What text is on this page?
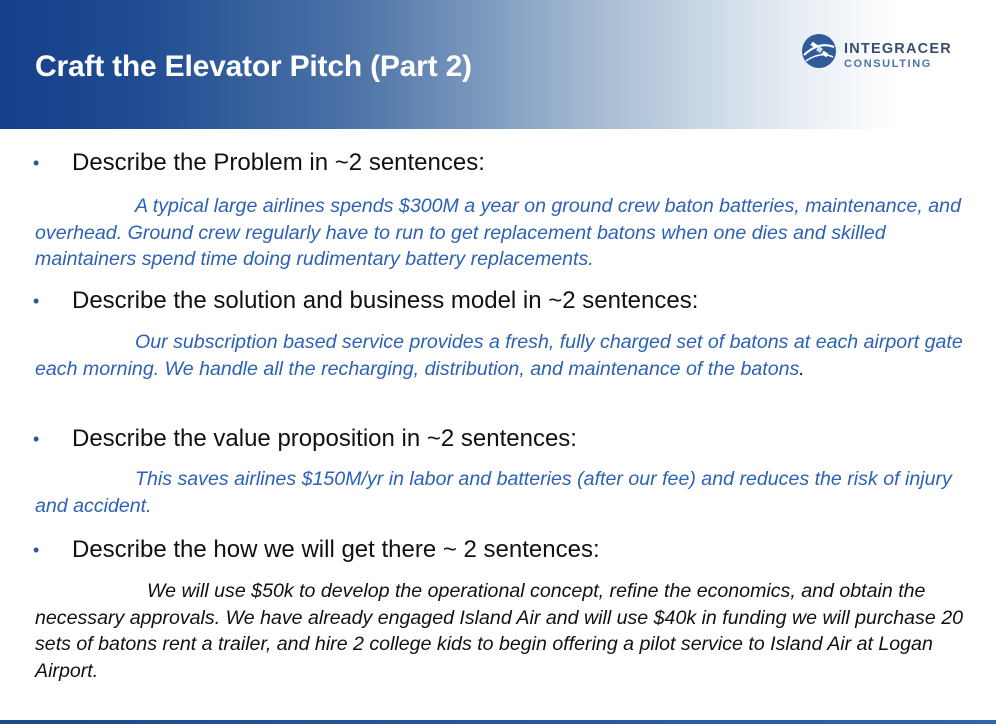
Craft the Elevator Pitch (Part 2)
INTEGRACER
CONSULTING
• Describe the Problem in ~2 sentences:

A typical large airlines spends $300M a year on ground crew baton batteries, maintenance, and overhead. Ground crew regularly have to run to get replacement batons when one dies and skilled maintainers spend time doing rudimentary battery replacements.

• Describe the solution and business model in ~2 sentences:

Our subscription based service provides a fresh, fully charged set of batons at each airport gate each morning. We handle all the recharging, distribution, and maintenance of the batons.

• Describe the value proposition in ~2 sentences:

This saves airlines $150M/yr in labor and batteries (after our fee) and reduces the risk of injury and accident.

• Describe the how we will get there ~ 2 sentences:

We will use $50k to develop the operational concept, refine the economics, and obtain the necessary approvals. We have already engaged Island Air and will use $40k in funding we will purchase 20 sets of batons rent a trailer, and hire 2 college kids to begin offering a pilot service to Island Air at Logan Airport.
